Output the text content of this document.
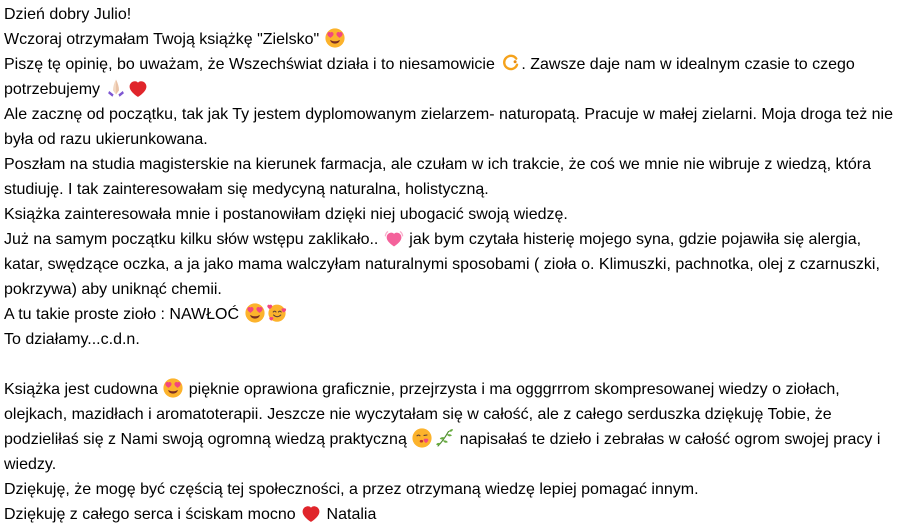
Dzień dobry Julio!

Wczoraj otrzymałam Twoją książkę "Zielsko"

Piszę tę opinię, bo uważam, że Wszechświat działa i to niesamowicie
. Zawsze daje nam w idealnym czasie to czego potrzebujemy

Ale zacznę od początku, tak jak Ty jestem dyplomowanym zielarzem- naturopatą. Pracuje w małej zielarni. Moja droga też nie była od razu ukierunkowana.

Poszłam na studia magisterskie na kierunek farmacja, ale czułam w ich trakcie, że coś we mnie nie wibruje z wiedzą, która studiuję. I tak zainteresowałam się medycyną naturalna, holistyczną.

Książka zainteresowała mnie i postanowiłam dzięki niej ubogacić swoją wiedzę.

Już na samym początku kilku słów wstępu zaklikało..
jak bym czytała histerię mojego syna, gdzie pojawiła się alergia, katar, swędzące oczka, a ja jako mama walczyłam naturalnymi sposobami ( zioła o. Klimuszki, pachnotka, olej z czarnuszki, pokrzywa) aby uniknąć chemii.

A tu takie proste zioło : NAWŁOĆ

To działamy...c.d.n.

Książka jest cudowna
pięknie oprawiona graficznie, przejrzysta i ma ogggrrrom skompresowanej wiedzy o ziołach, olejkach, mazidłach i aromatoterapii. Jeszcze nie wyczytałam się w całość, ale z całego serduszka dziękuję Tobie, że podzieliłaś się z Nami swoją ogromną wiedzą praktyczną	napisałaś te dzieło i zebrałas w całość ogrom swojej pracy i wiedzy.

Dziękuję, że mogę być częścią tej społeczności, a przez otrzymaną wiedzę lepiej pomagać innym.

Dziękuję z całego serca i ściskam mocno
Natalia
